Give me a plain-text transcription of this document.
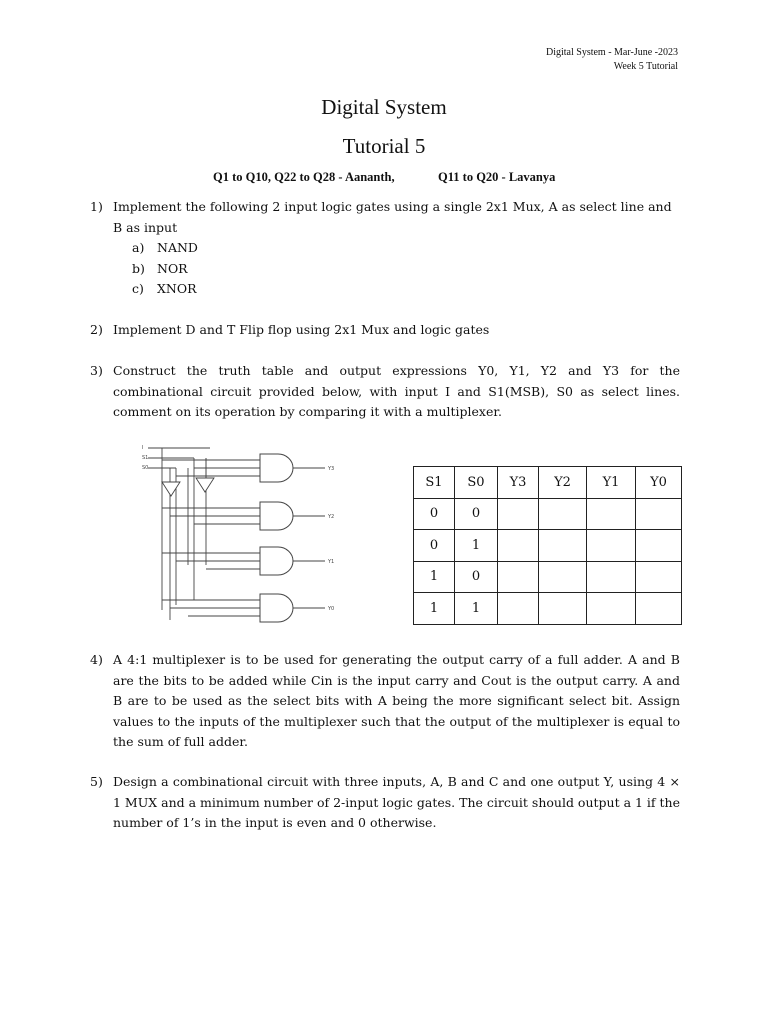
Digital System - Mar-June -2023
Week 5 Tutorial
Digital System
Tutorial 5
Q1 to Q10, Q22 to Q28 - Aananth,	Q11 to Q20 - Lavanya
1) Implement the following 2 input logic gates using a single 2x1 Mux, A as select line and B as input
a) NAND
b) NOR
c) XNOR
2) Implement D and T Flip flop using 2x1 Mux and logic gates
3) Construct the truth table and output expressions Y0, Y1, Y2 and Y3 for the combinational circuit provided below, with input I and S1(MSB), S0 as select lines. comment on its operation by comparing it with a multiplexer.
I
S1
S0	Y3
Y2
Y1
Y0
S1	S0	Y3	Y2	Y1	Y0
0	0				
0	1				
1	0				
1	1				
4) A 4:1 multiplexer is to be used for generating the output carry of a full adder. A and B are the bits to be added while Cin is the input carry and Cout is the output carry. A and B are to be used as the select bits with A being the more significant select bit. Assign values to the inputs of the multiplexer such that the output of the multiplexer is equal to the sum of full adder.
5) Design a combinational circuit with three inputs, A, B and C and one output Y, using 4 × 1 MUX and a minimum number of 2-input logic gates. The circuit should output a 1 if the number of 1’s in the input is even and 0 otherwise.
